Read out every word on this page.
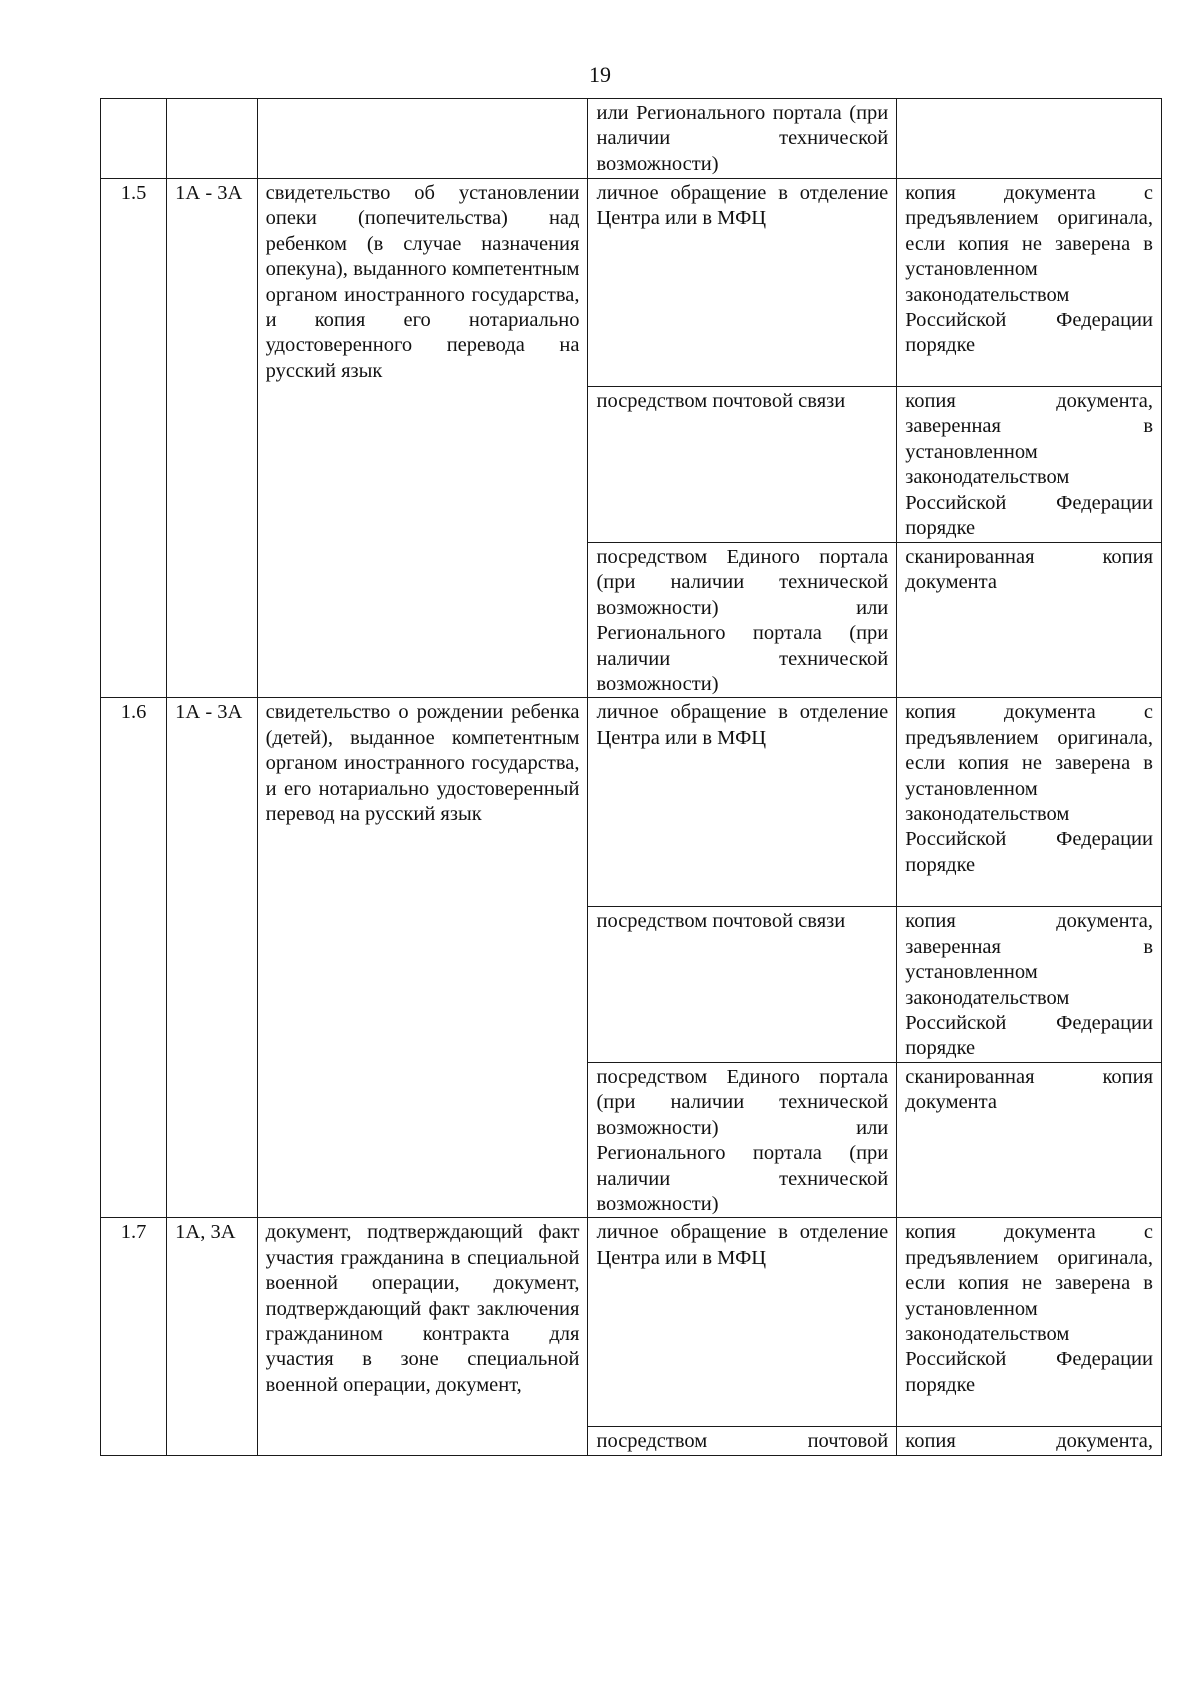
19
			или Регионального портала (при наличии технической возможности)	
1.5	1А - 3А	свидетельство об установлении опеки (попечительства) над ребенком (в случае назначения опекуна), выданного компетентным органом иностранного государства, и копия его нотариально удостоверенного перевода на русский язык	личное обращение в отделение Центра или в МФЦ	копия документа с предъявлением оригинала, если копия не заверена в установленном законодательством Российской Федерации порядке
			посредством почтовой связи	копия документа, заверенная в установленном законодательством Российской Федерации порядке
			посредством Единого портала (при наличии технической возможности) или Регионального портала (при наличии технической возможности)	сканированная копия документа
1.6	1А - 3А	свидетельство о рождении ребенка (детей), выданное компетентным органом иностранного государства, и его нотариально удостоверенный перевод на русский язык	личное обращение в отделение Центра или в МФЦ	копия документа с предъявлением оригинала, если копия не заверена в установленном законодательством Российской Федерации порядке
			посредством почтовой связи	копия документа, заверенная в установленном законодательством Российской Федерации порядке
			посредством Единого портала (при наличии технической возможности) или Регионального портала (при наличии технической возможности)	сканированная копия документа
1.7	1А, 3А	документ, подтверждающий факт участия гражданина в специальной военной операции, документ, подтверждающий факт заключения гражданином контракта для участия в зоне специальной военной операции, документ,	личное обращение в отделение Центра или в МФЦ	копия документа с предъявлением оригинала, если копия не заверена в установленном законодательством Российской Федерации порядке
			посредством почтовой	копия документа,
